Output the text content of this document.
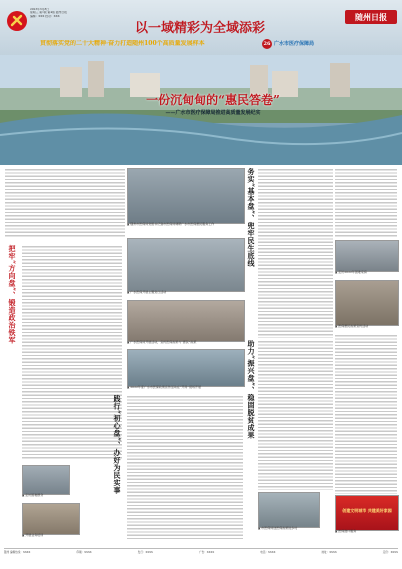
2023年3月8日
星期三 第1版 第4版 随州日报
编辑：XXX 校对：XXX	随州日报
以一域精彩为全域添彩
贯彻落实党的二十大精神·奋力打造随州100个高质量发展样本	26 广水市医疗保障局
一份沉甸甸的“惠民答卷”
——广水市医疗保障局推进高质量发展纪实
▲ 随州市医保局党组书记到市医保局调研广水市医保惠民服务工作
把牢“方向盘”、锻造政治铁军	▲ 广水医保开展主题党日活动
▲ 广水医保局开展活动，宣传医保政策与“惠民”政策
▲ 2022年度广水市医保政策宣传活动在“开局”现场开展
▲ 走访困难群众
▲ 开展业务培训
践行“初心盘”、办好为民实事
务实“基本盘”、兜牢民生底线
助力“振兴盘”、稳固脱贫成果
▲ 市医保局送医保政策进乡村
▲ 走访2022年困难家庭
▲ 医保惠民政策宣传活动
创建文明城市 共建美好家园
▲ 医保窗口服务
随州 编辑热线：XXXX	印刷：XXXX	发行：XXXX	广告：XXXX	电话：XXXX	地址：XXXX	定价：XXXX
